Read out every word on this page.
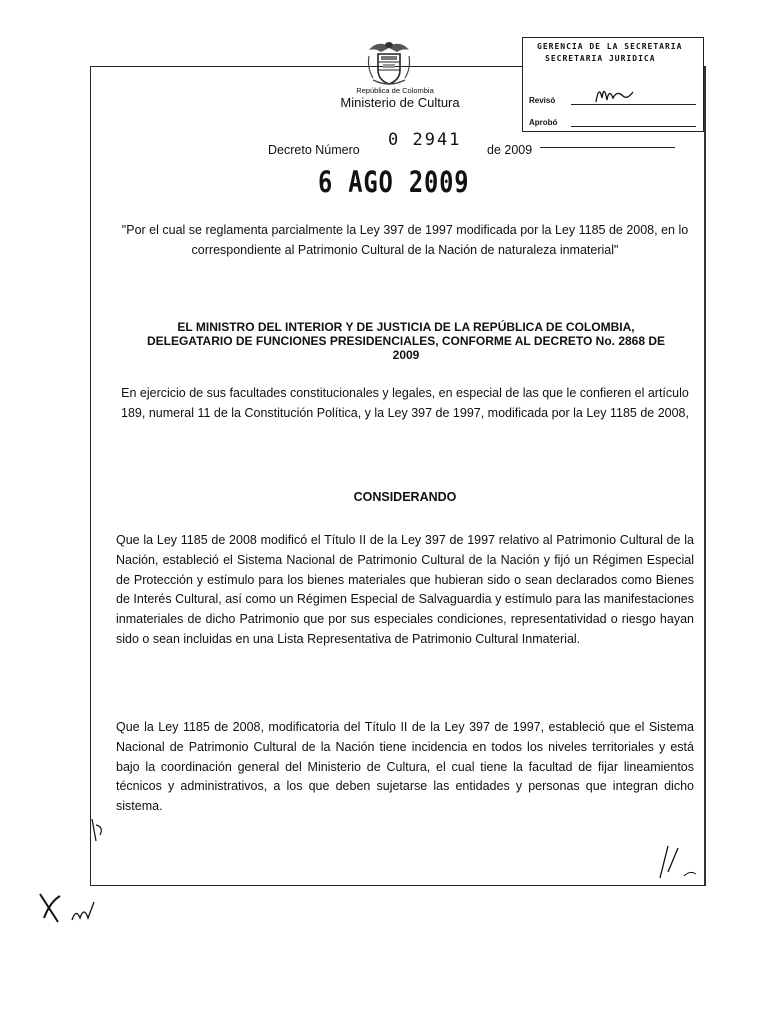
República de Colombia
Ministerio de Cultura
GERENCIA DE LA SECRETARIA
SECRETARIA JURIDICA
Revisó
Aprobó
Decreto Número 0 2941 de 2009
6 AGO 2009
"Por el cual se reglamenta parcialmente la Ley 397 de 1997 modificada por la Ley 1185 de 2008, en lo correspondiente al Patrimonio Cultural de la Nación de naturaleza inmaterial"
EL MINISTRO DEL INTERIOR Y DE JUSTICIA DE LA REPÚBLICA DE COLOMBIA, DELEGATARIO DE FUNCIONES PRESIDENCIALES, CONFORME AL DECRETO No. 2868 DE 2009
En ejercicio de sus facultades constitucionales y legales, en especial de las que le confieren el artículo 189, numeral 11 de la Constitución Política, y la Ley 397 de 1997, modificada por la Ley 1185 de 2008,
CONSIDERANDO
Que la Ley 1185 de 2008 modificó el Título II de la Ley 397 de 1997 relativo al Patrimonio Cultural de la Nación, estableció el Sistema Nacional de Patrimonio Cultural de la Nación y fijó un Régimen Especial de Protección y estímulo para los bienes materiales que hubieran sido o sean declarados como Bienes de Interés Cultural, así como un Régimen Especial de Salvaguardia y estímulo para las manifestaciones inmateriales de dicho Patrimonio que por sus especiales condiciones, representatividad o riesgo hayan sido o sean incluidas en una Lista Representativa de Patrimonio Cultural Inmaterial.
Que la Ley 1185 de 2008, modificatoria del Título II de la Ley 397 de 1997, estableció que el Sistema Nacional de Patrimonio Cultural de la Nación tiene incidencia en todos los niveles territoriales y está bajo la coordinación general del Ministerio de Cultura, el cual tiene la facultad de fijar lineamientos técnicos y administrativos, a los que deben sujetarse las entidades y personas que integran dicho sistema.
